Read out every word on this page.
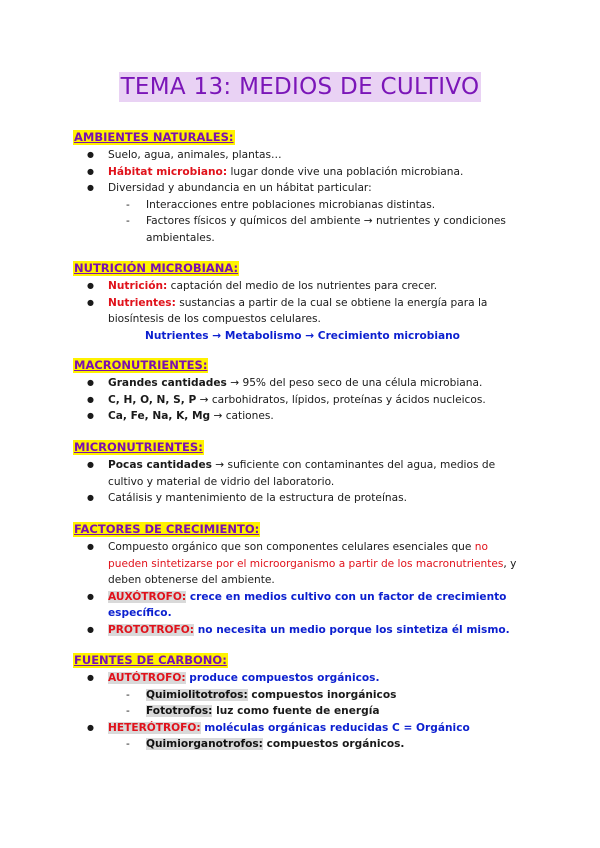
TEMA 13: MEDIOS DE CULTIVO
AMBIENTES NATURALES:
● Suelo, agua, animales, plantas…
● Hábitat microbiano: lugar donde vive una población microbiana.
● Diversidad y abundancia en un hábitat particular:
- Interacciones entre poblaciones microbianas distintas.
- Factores físicos y químicos del ambiente → nutrientes y condiciones
ambientales.
NUTRICIÓN MICROBIANA:
● Nutrición: captación del medio de los nutrientes para crecer.
● Nutrientes: sustancias a partir de la cual se obtiene la energía para la
biosíntesis de los compuestos celulares.
Nutrientes → Metabolismo → Crecimiento microbiano
MACRONUTRIENTES:
● Grandes cantidades → 95% del peso seco de una célula microbiana.
● C, H, O, N, S, P → carbohidratos, lípidos, proteínas y ácidos nucleicos.
● Ca, Fe, Na, K, Mg → cationes.
MICRONUTRIENTES:
● Pocas cantidades → suficiente con contaminantes del agua, medios de
cultivo y material de vidrio del laboratorio.
● Catálisis y mantenimiento de la estructura de proteínas.
FACTORES DE CRECIMIENTO:
● Compuesto orgánico que son componentes celulares esenciales que no
pueden sintetizarse por el microorganismo a partir de los macronutrientes, y
deben obtenerse del ambiente.
● AUXÓTROFO: crece en medios cultivo con un factor de crecimiento
específico.
● PROTOTROFO: no necesita un medio porque los sintetiza él mismo.
FUENTES DE CARBONO:
● AUTÓTROFO: produce compuestos orgánicos.
- Quimiolitotrofos: compuestos inorgánicos
- Fototrofos: luz como fuente de energía
● HETERÓTROFO: moléculas orgánicas reducidas C = Orgánico
- Quimiorganotrofos: compuestos orgánicos.
